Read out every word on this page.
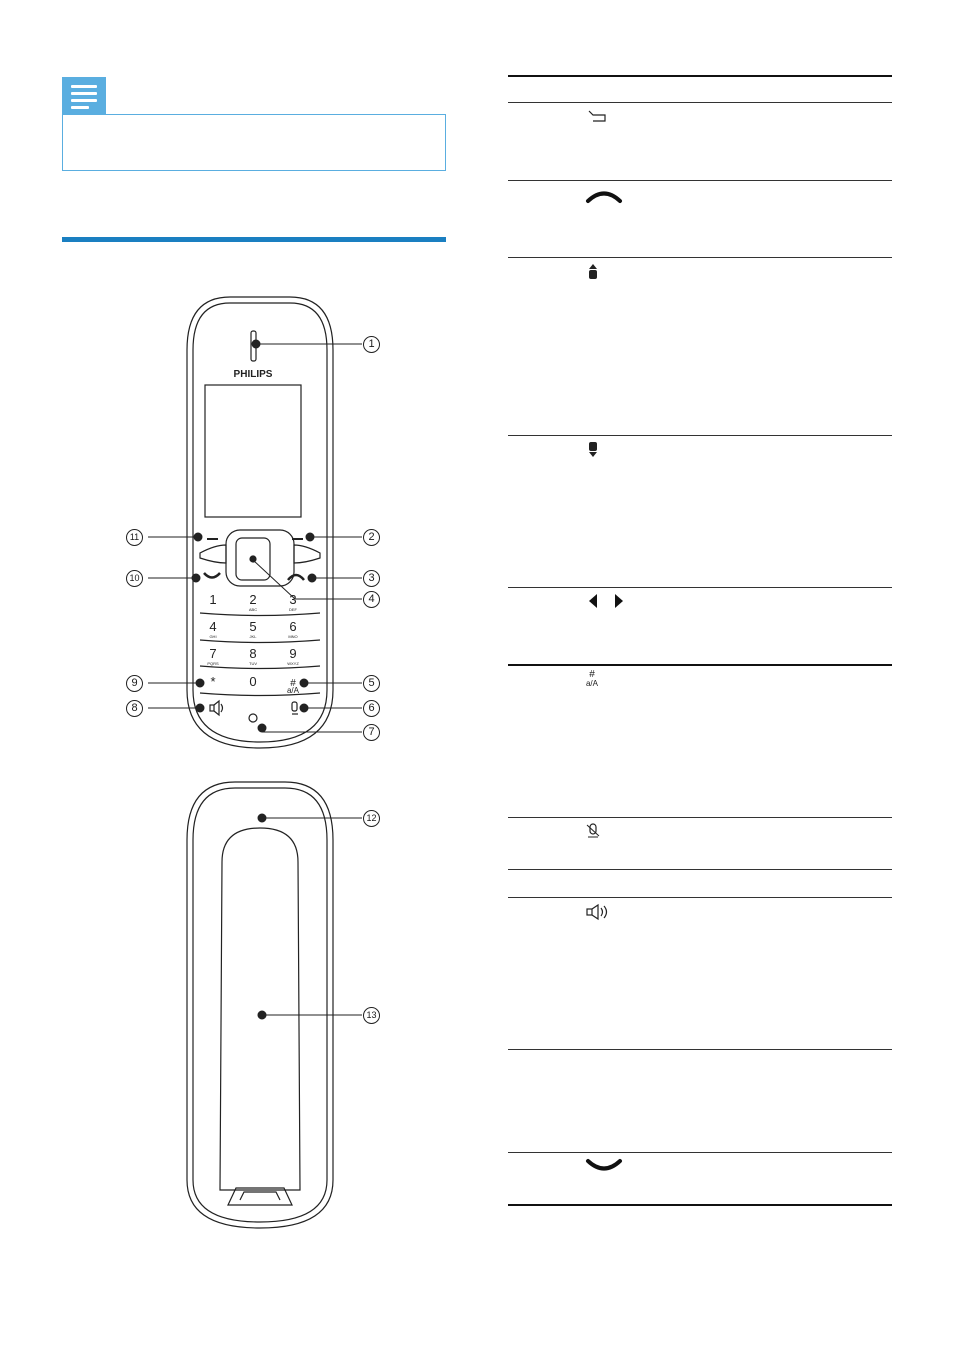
PHILIPS
1	2
ABC
3
DEF
4
GHI
5
JKL
6
MNO
7
PQRS
8
TUV
9
WXYZ
*	0	#
a/A
1
2
3
4
5
6
7
8
9
10
11
12
13
#
a/A
